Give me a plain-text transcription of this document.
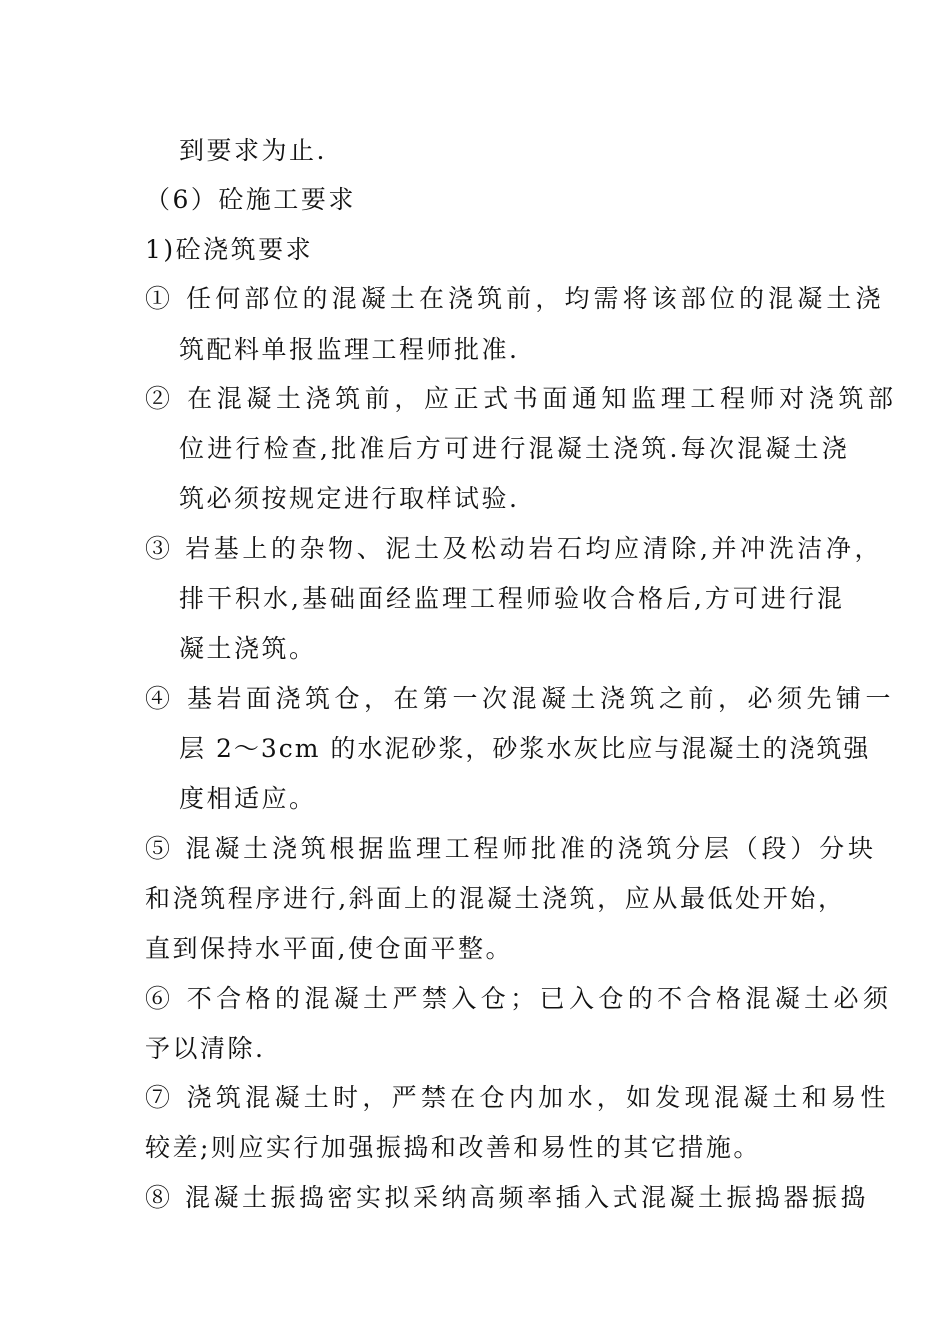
到要求为止.
（6）砼施工要求
1)砼浇筑要求
① 任何部位的混凝土在浇筑前，均需将该部位的混凝土浇
筑配料单报监理工程师批准.
② 在混凝土浇筑前，应正式书面通知监理工程师对浇筑部
位进行检查,批准后方可进行混凝土浇筑.每次混凝土浇
筑必须按规定进行取样试验.
③ 岩基上的杂物、泥土及松动岩石均应清除,并冲洗洁净，
排干积水,基础面经监理工程师验收合格后,方可进行混
凝土浇筑。
④ 基岩面浇筑仓，在第一次混凝土浇筑之前，必须先铺一
层 2～3cm 的水泥砂浆，砂浆水灰比应与混凝土的浇筑强
度相适应。
⑤ 混凝土浇筑根据监理工程师批准的浇筑分层（段）分块
和浇筑程序进行,斜面上的混凝土浇筑，应从最低处开始，
直到保持水平面,使仓面平整。
⑥ 不合格的混凝土严禁入仓；已入仓的不合格混凝土必须
予以清除.
⑦ 浇筑混凝土时，严禁在仓内加水，如发现混凝土和易性
较差;则应实行加强振捣和改善和易性的其它措施。
⑧ 混凝土振捣密实拟采纳高频率插入式混凝土振捣器振捣
